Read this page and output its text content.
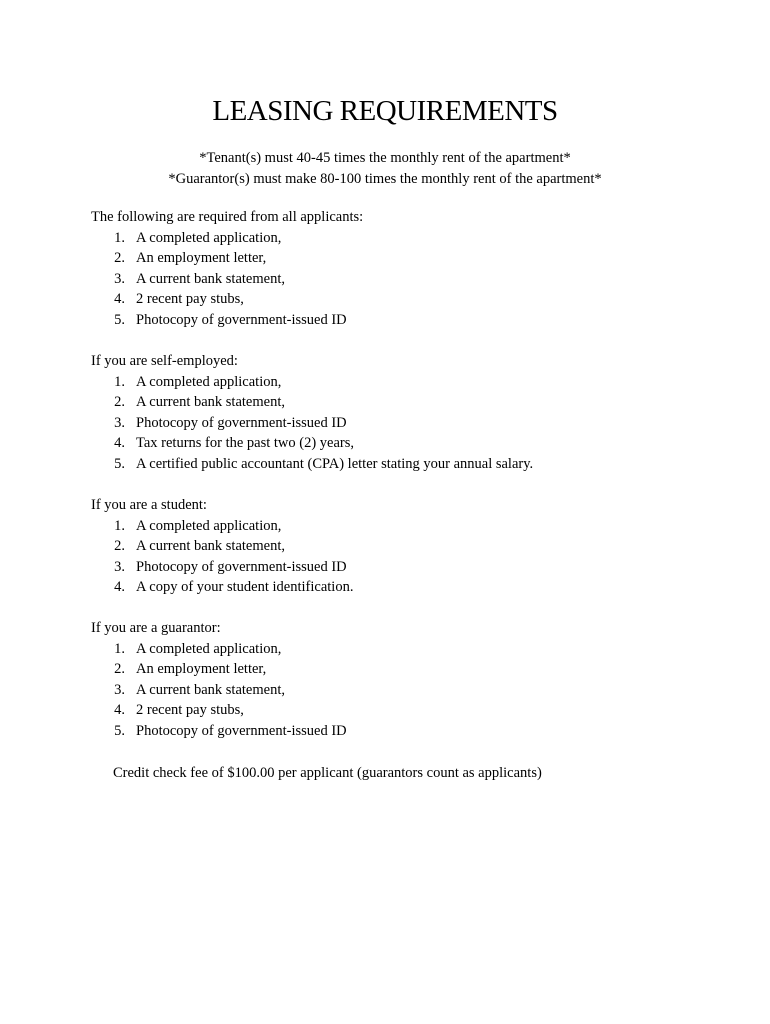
LEASING REQUIREMENTS
*Tenant(s) must 40-45 times the monthly rent of the apartment*
*Guarantor(s) must make 80-100 times the monthly rent of the apartment*
The following are required from all applicants:
1. A completed application,
2. An employment letter,
3. A current bank statement,
4. 2 recent pay stubs,
5. Photocopy of government-issued ID
If you are self-employed:
1. A completed application,
2. A current bank statement,
3. Photocopy of government-issued ID
4. Tax returns for the past two (2) years,
5. A certified public accountant (CPA) letter stating your annual salary.
If you are a student:
1. A completed application,
2. A current bank statement,
3. Photocopy of government-issued ID
4. A copy of your student identification.
If you are a guarantor:
1. A completed application,
2. An employment letter,
3. A current bank statement,
4. 2 recent pay stubs,
5. Photocopy of government-issued ID
Credit check fee of $100.00 per applicant (guarantors count as applicants)
